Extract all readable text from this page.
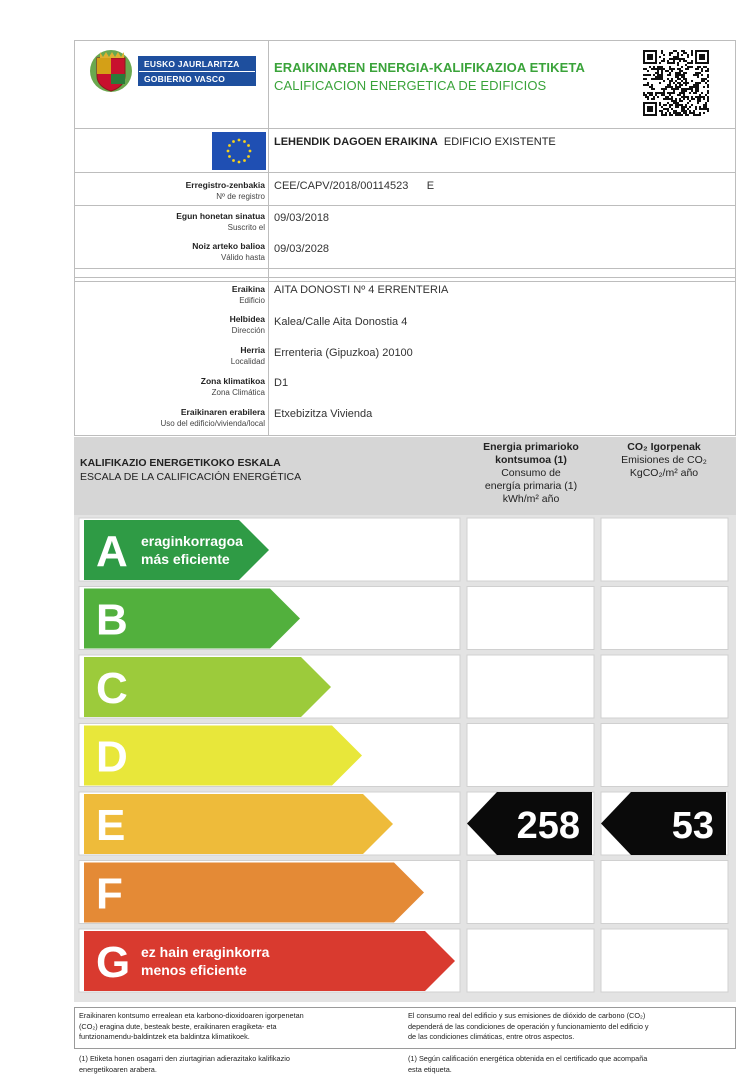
EUSKO JAURLARITZA
GOBIERNO VASCO
ERAIKINAREN ENERGIA-KALIFIKAZIOA ETIKETA
CALIFICACION ENERGETICA DE EDIFICIOS
LEHENDIK DAGOEN ERAIKINA EDIFICIO EXISTENTE
Erregistro-zenbakia
Nº de registro
CEE/CAPV/2018/00114523 E
Egun honetan sinatua
Suscrito el
09/03/2018
Noiz arteko balioa
Válido hasta
09/03/2028
Eraikina
Edificio
AITA DONOSTI Nº 4 ERRENTERIA
Helbidea
Dirección
Kalea/Calle Aita Donostia 4
Herria
Localidad
Errenteria (Gipuzkoa) 20100
Zona klimatikoa
Zona Climática
D1
Eraikinaren erabilera
Uso del edificio/vivienda/local
Etxebizitza Vivienda
KALIFIKAZIO ENERGETIKOKO ESKALA
ESCALA DE LA CALIFICACIÓN ENERGÉTICA
Energia primarioko
kontsumoa (1)
Consumo de
energía primaria (1)
kWh/m² año
CO₂ Igorpenak
Emisiones de CO₂
KgCO₂/m² año
A eraginkorragoa
más eficiente
B
C
D
E	258 53
F
G ez hain eraginkorra
menos eficiente
Eraikinaren kontsumo errealean eta karbono-dioxidoaren igorpenetan
(CO₂) eragina dute, besteak beste, eraikinaren eragiketa- eta
funtzionamendu-baldintzek eta baldintza klimatikoek.
El consumo real del edificio y sus emisiones de dióxido de carbono (CO₂)
dependerá de las condiciones de operación y funcionamiento del edificio y
de las condiciones climáticas, entre otros aspectos.
(1) Etiketa honen osagarri den ziurtagirian adierazitako kalifikazio
energetikoaren arabera.
(1) Según calificación energética obtenida en el certificado que acompaña
esta etiqueta.
